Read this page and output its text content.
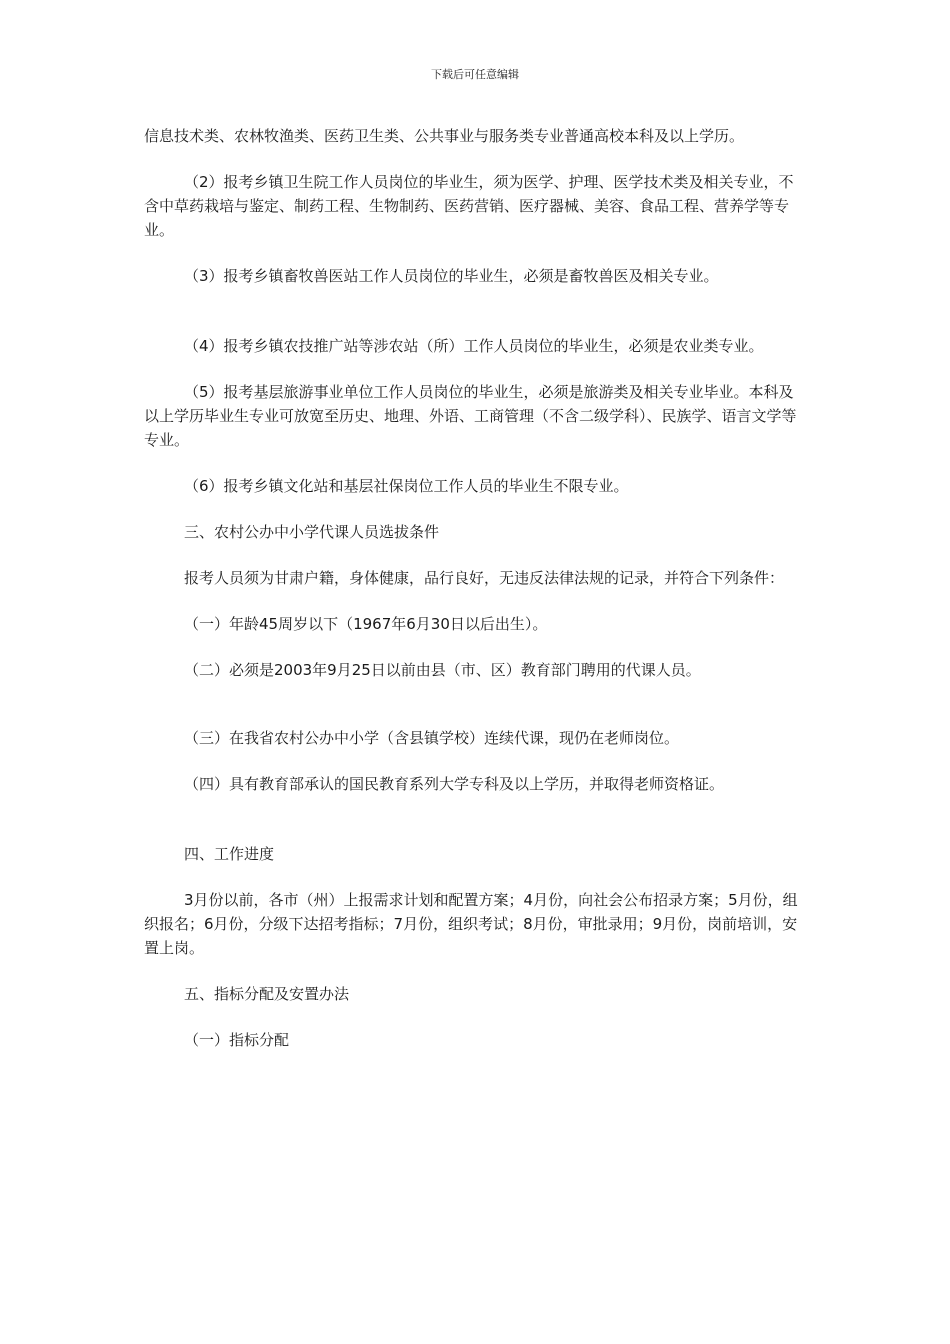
下载后可任意编辑

信息技术类、农林牧渔类、医药卫生类、公共事业与服务类专业普通高校本科及以上学历。

（2）报考乡镇卫生院工作人员岗位的毕业生，须为医学、护理、医学技术类及相关专业，不含中草药栽培与鉴定、制药工程、生物制药、医药营销、医疗器械、美容、食品工程、营养学等专业。

（3）报考乡镇畜牧兽医站工作人员岗位的毕业生，必须是畜牧兽医及相关专业。

（4）报考乡镇农技推广站等涉农站（所）工作人员岗位的毕业生，必须是农业类专业。

（5）报考基层旅游事业单位工作人员岗位的毕业生，必须是旅游类及相关专业毕业。本科及以上学历毕业生专业可放宽至历史、地理、外语、工商管理（不含二级学科）、民族学、语言文学等专业。

（6）报考乡镇文化站和基层社保岗位工作人员的毕业生不限专业。

三、农村公办中小学代课人员选拔条件

报考人员须为甘肃户籍，身体健康，品行良好，无违反法律法规的记录，并符合下列条件：

（一）年龄45周岁以下（1967年6月30日以后出生）。

（二）必须是2003年9月25日以前由县（市、区）教育部门聘用的代课人员。

（三）在我省农村公办中小学（含县镇学校）连续代课，现仍在老师岗位。

（四）具有教育部承认的国民教育系列大学专科及以上学历，并取得老师资格证。

四、工作进度

3月份以前，各市（州）上报需求计划和配置方案；4月份，向社会公布招录方案；5月份，组织报名；6月份，分级下达招考指标；7月份，组织考试；8月份，审批录用；9月份，岗前培训，安置上岗。

五、指标分配及安置办法

（一）指标分配
